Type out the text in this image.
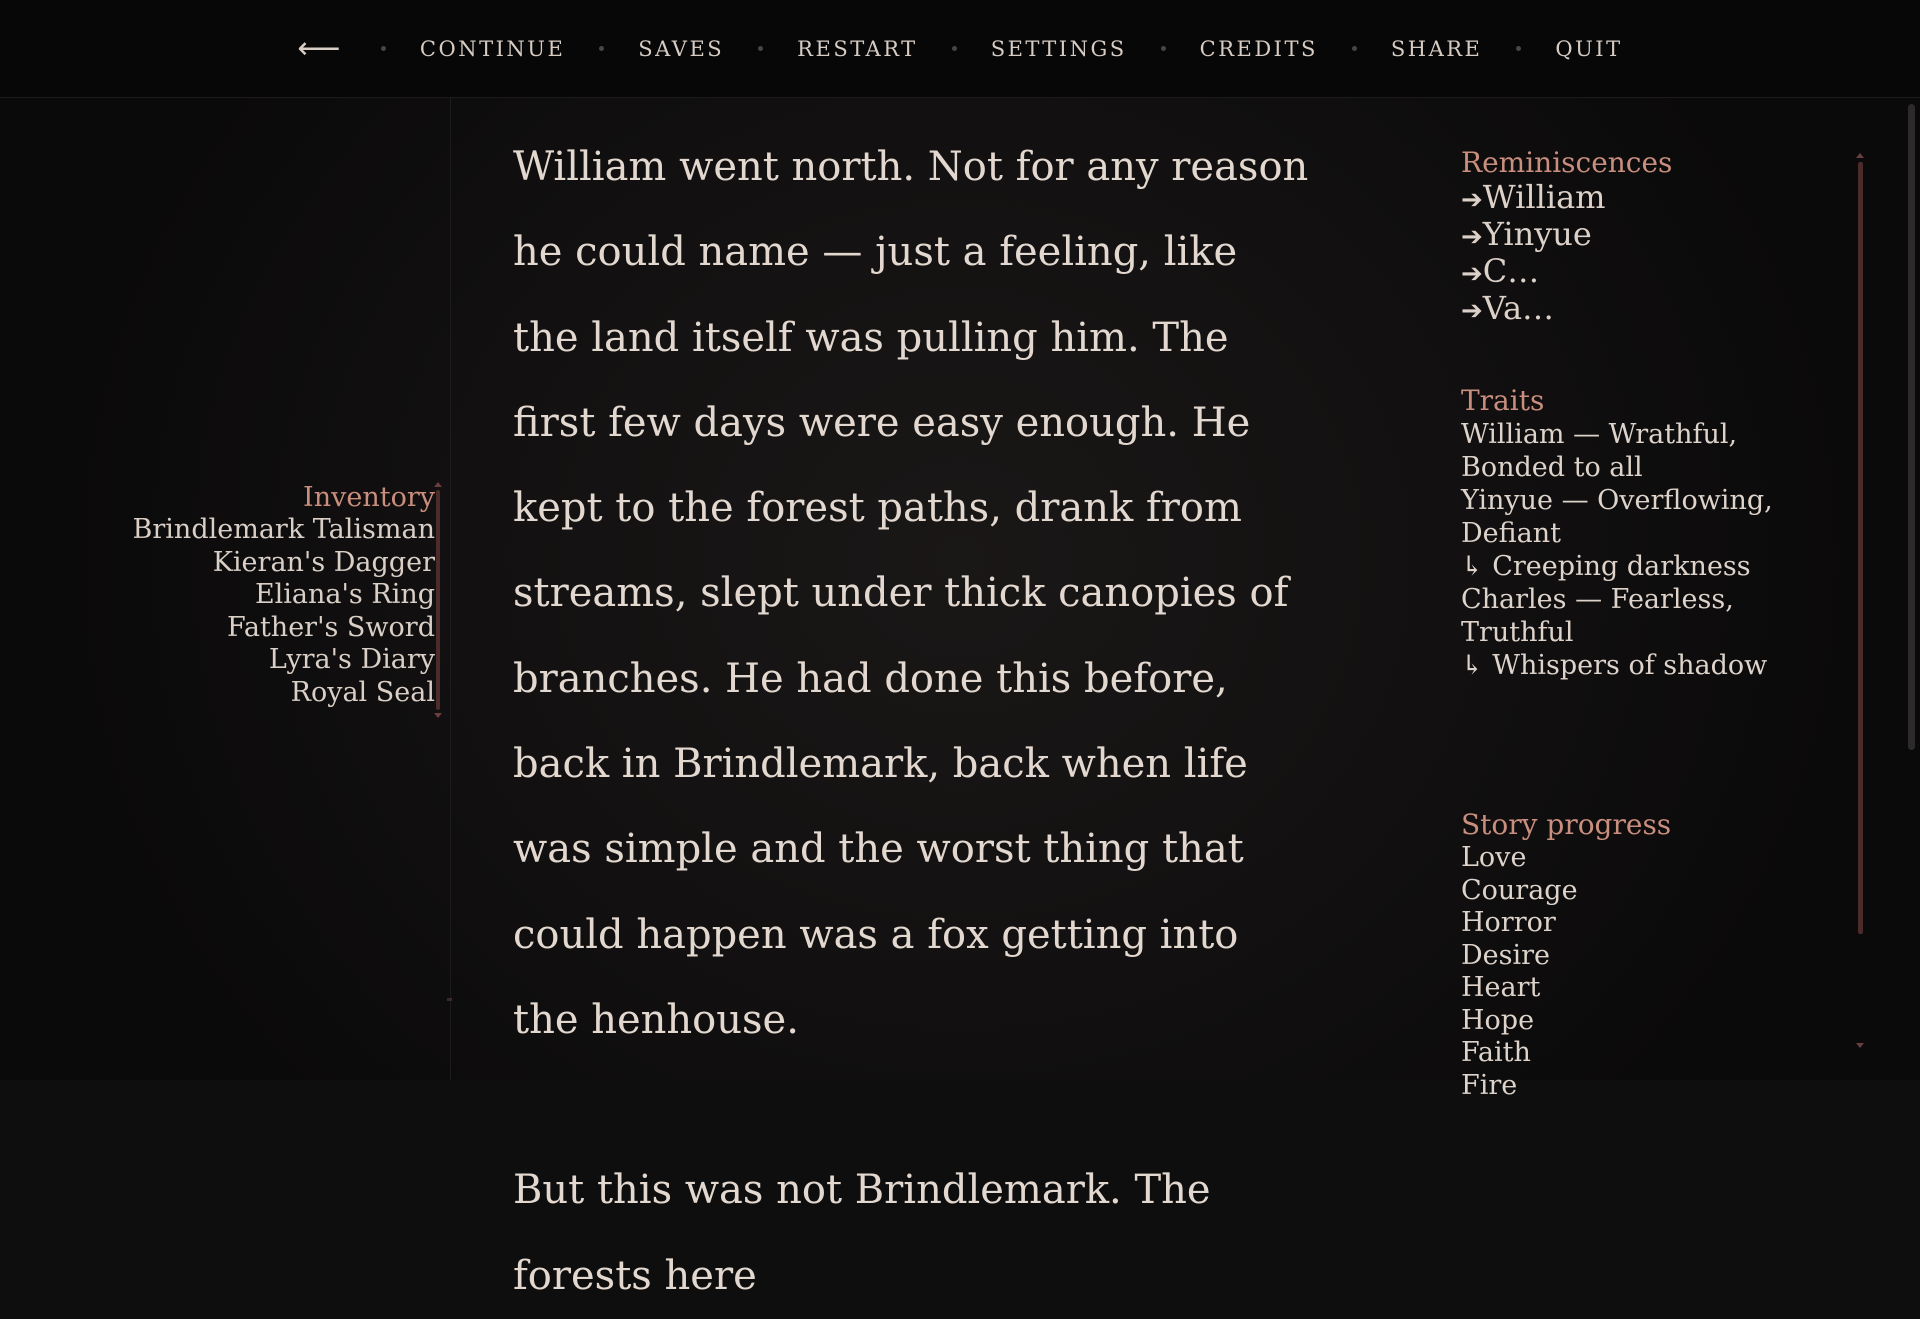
⟵	CONTINUE	SAVES	RESTART	SETTINGS	CREDITS	SHARE	QUIT
Inventory
Brindlemark Talisman
Kieran's Dagger
Eliana's Ring
Father's Sword
Lyra's Diary
Royal Seal

William went north. Not for any reason he could name — just a feeling, like the land itself was pulling him. The first few days were easy enough. He kept to the forest paths, drank from streams, slept under thick canopies of branches. He had done this before, back in Brindlemark, back when life was simple and the worst thing that could happen was a fox getting into the henhouse.

But this was not Brindlemark. The forests here

Reminiscences
➔William
➔Yinyue
➔C…
➔Va…
Traits
William — Wrathful, Bonded to all
Yinyue — Overflowing, Defiant
↳ Creeping darkness
Charles — Fearless, Truthful
↳ Whispers of shadow
Story progress
Love
Courage
Horror
Desire
Heart
Hope
Faith
Fire
